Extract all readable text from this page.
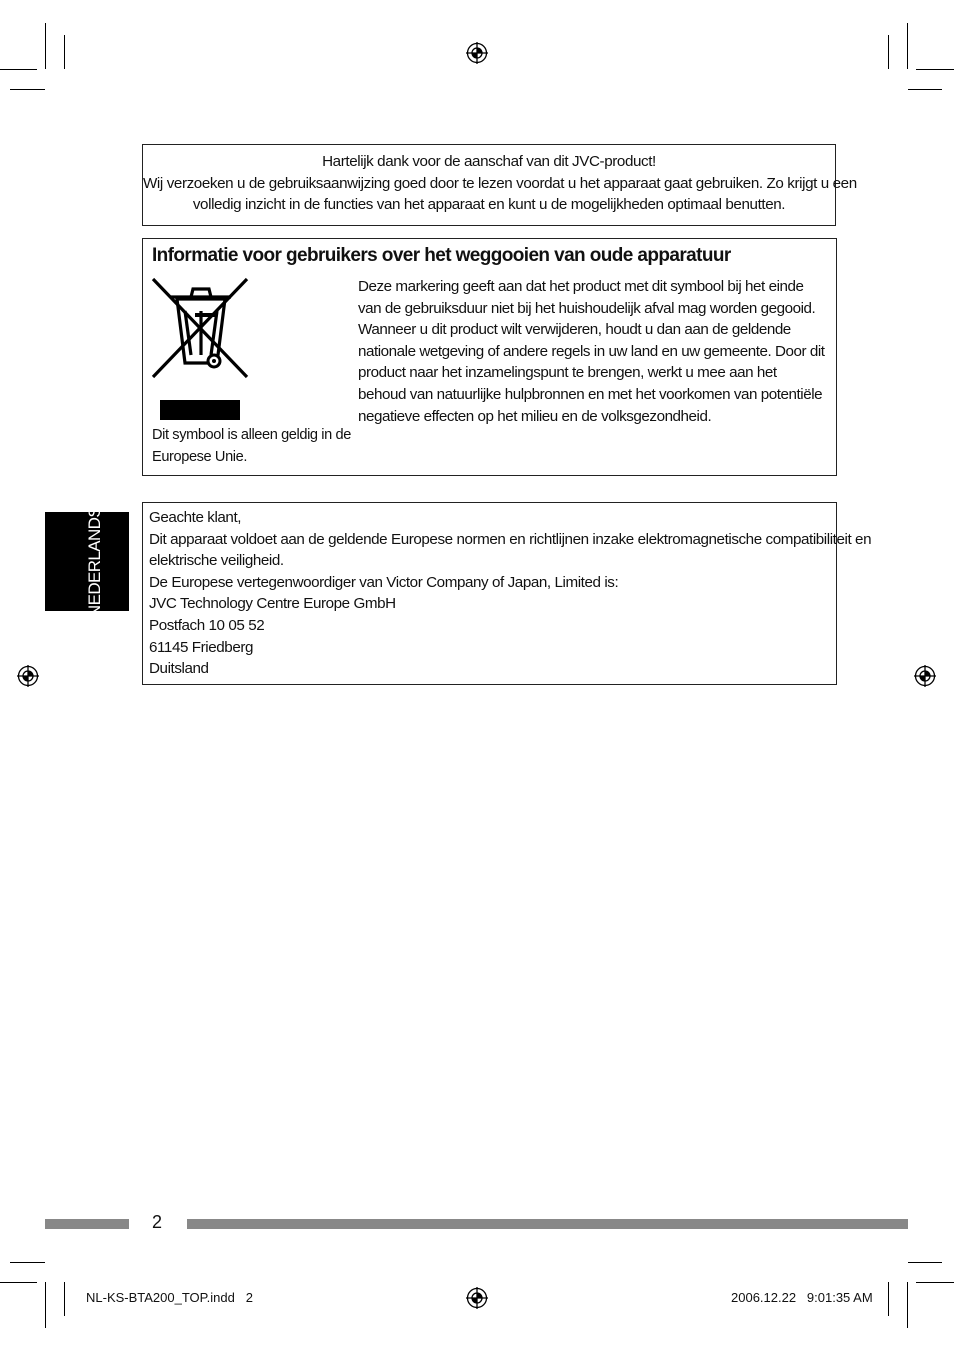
Hartelijk dank voor de aanschaf van dit JVC-product!
Wij verzoeken u de gebruiksaanwijzing goed door te lezen voordat u het apparaat gaat gebruiken. Zo krijgt u een
volledig inzicht in de functies van het apparaat en kunt u de mogelijkheden optimaal benutten.
Informatie voor gebruikers over het weggooien van oude apparatuur
Dit symbool is alleen geldig in de Europese Unie.
Deze markering geeft aan dat het product met dit symbool bij het einde van de gebruiksduur niet bij het huishoudelijk afval mag worden gegooid. Wanneer u dit product wilt verwijderen, houdt u dan aan de geldende nationale wetgeving of andere regels in uw land en uw gemeente. Door dit product naar het inzamelingspunt te brengen, werkt u mee aan het behoud van natuurlijke hulpbronnen en met het voorkomen van potentiële negatieve effecten op het milieu en de volksgezondheid.
Geachte klant,
Dit apparaat voldoet aan de geldende Europese normen en richtlijnen inzake elektromagnetische compatibiliteit en
elektrische veiligheid.
De Europese vertegenwoordiger van Victor Company of Japan, Limited is:
JVC Technology Centre Europe GmbH
Postfach 10 05 52
61145 Friedberg
Duitsland
NEDERLANDS
2
NL-KS-BTA200_TOP.indd   2	2006.12.22   9:01:35 AM
